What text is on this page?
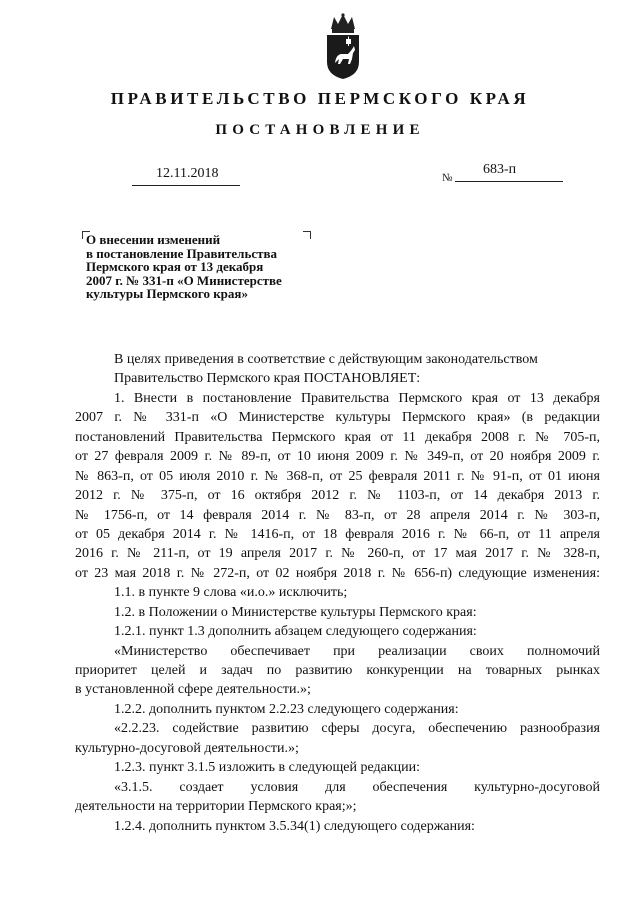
ПРАВИТЕЛЬСТВО ПЕРМСКОГО КРАЯ
ПОСТАНОВЛЕНИЕ
12.11.2018	№
683-п
О внесении изменений
в постановление Правительства
Пермского края от 13 декабря
2007 г. № 331-п «О Министерстве
культуры Пермского края»
В целях приведения в соответствие с действующим законодательством
Правительство Пермского края ПОСТАНОВЛЯЕТ:
1. Внести в постановление Правительства Пермского края от 13 декабря
2007 г. № 331-п «О Министерстве культуры Пермского края» (в редакции
постановлений Правительства Пермского края от 11 декабря 2008 г. № 705-п,
от 27 февраля 2009 г. № 89-п, от 10 июня 2009 г. № 349-п, от 20 ноября 2009 г.
№ 863-п, от 05 июля 2010 г. № 368-п, от 25 февраля 2011 г. № 91-п, от 01 июня
2012 г. № 375-п, от 16 октября 2012 г. № 1103-п, от 14 декабря 2013 г.
№ 1756-п, от 14 февраля 2014 г. № 83-п, от 28 апреля 2014 г. № 303-п,
от 05 декабря 2014 г. № 1416-п, от 18 февраля 2016 г. № 66-п, от 11 апреля
2016 г. № 211-п, от 19 апреля 2017 г. № 260-п, от 17 мая 2017 г. № 328-п,
от 23 мая 2018 г. № 272-п, от 02 ноября 2018 г. № 656-п) следующие изменения:
1.1. в пункте 9 слова «и.о.» исключить;
1.2. в Положении о Министерстве культуры Пермского края:
1.2.1. пункт 1.3 дополнить абзацем следующего содержания:
«Министерство обеспечивает при реализации своих полномочий
приоритет целей и задач по развитию конкуренции на товарных рынках
в установленной сфере деятельности.»;
1.2.2. дополнить пунктом 2.2.23 следующего содержания:
«2.2.23. содействие развитию сферы досуга, обеспечению разнообразия
культурно-досуговой деятельности.»;
1.2.3. пункт 3.1.5 изложить в следующей редакции:
«3.1.5. создает условия для обеспечения культурно-досуговой
деятельности на территории Пермского края;»;
1.2.4. дополнить пунктом 3.5.34(1) следующего содержания:
